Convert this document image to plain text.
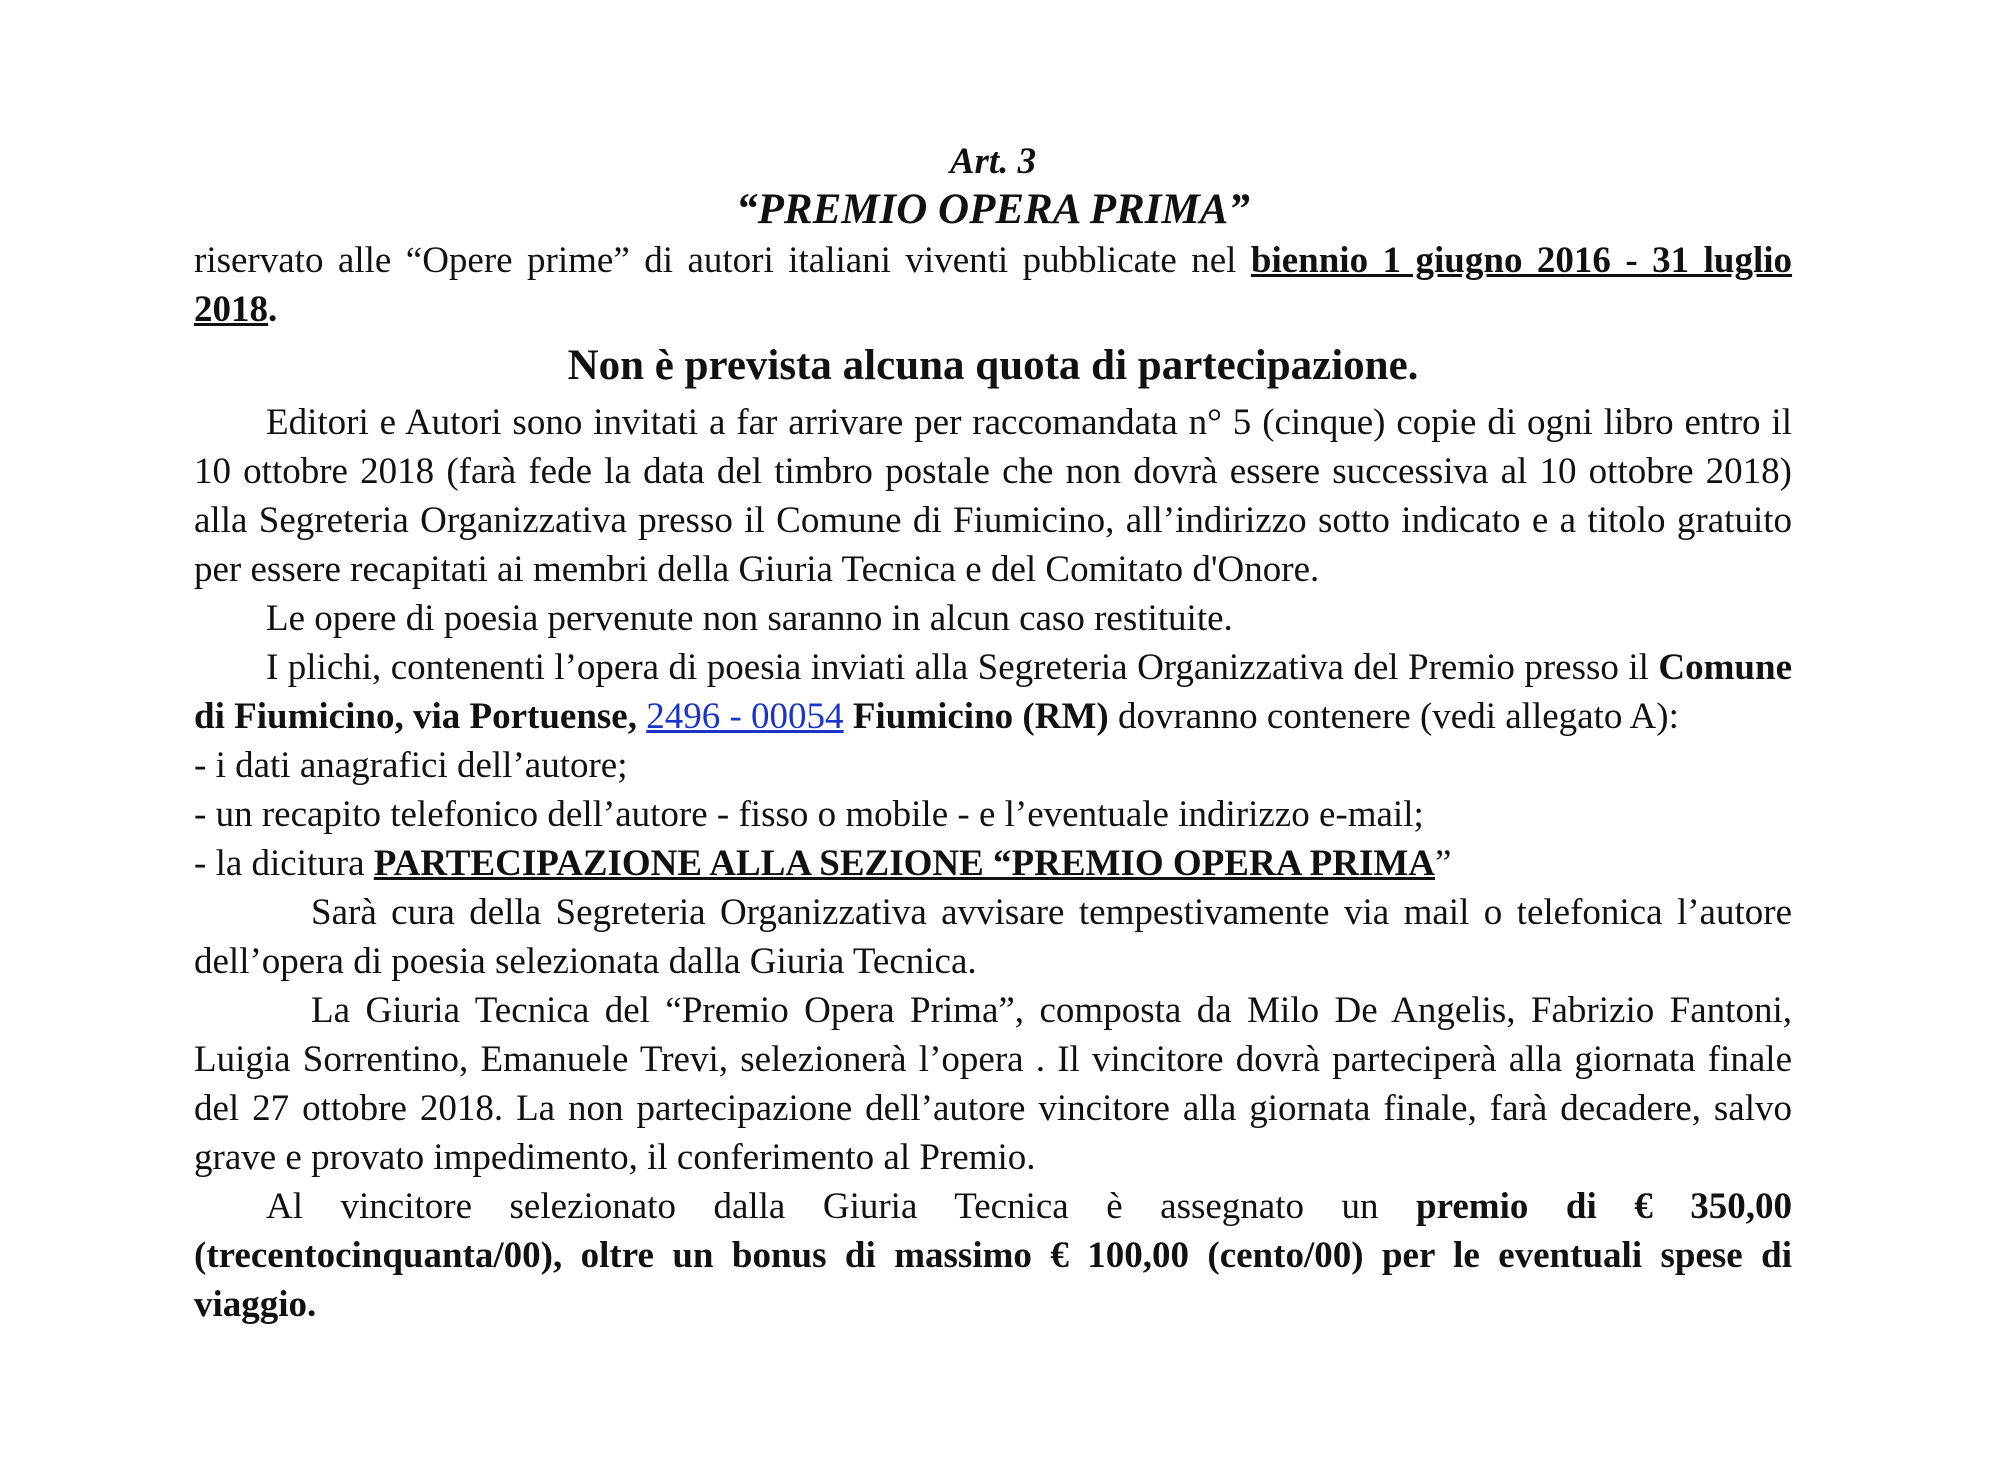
Art. 3

“PREMIO OPERA PRIMA”

riservato alle “Opere prime” di autori italiani viventi pubblicate nel biennio 1 giugno 2016 - 31 luglio 2018.

Non è prevista alcuna quota di partecipazione.

Editori e Autori sono invitati a far arrivare per raccomandata n° 5 (cinque) copie di ogni libro entro il 10 ottobre 2018 (farà fede la data del timbro postale che non dovrà essere successiva al 10 ottobre 2018) alla Segreteria Organizzativa presso il Comune di Fiumicino, all’indirizzo sotto indicato e a titolo gratuito per essere recapitati ai membri della Giuria Tecnica e del Comitato d'Onore.

Le opere di poesia pervenute non saranno in alcun caso restituite.

I plichi, contenenti l’opera di poesia inviati alla Segreteria Organizzativa del Premio presso il Comune di Fiumicino, via Portuense, 2496 - 00054 Fiumicino (RM) dovranno contenere (vedi allegato A):

- i dati anagrafici dell’autore;

- un recapito telefonico dell’autore - fisso o mobile - e l’eventuale indirizzo e-mail;

- la dicitura PARTECIPAZIONE ALLA SEZIONE “PREMIO OPERA PRIMA”

Sarà cura della Segreteria Organizzativa avvisare tempestivamente via mail o telefonica l’autore dell’opera di poesia selezionata dalla Giuria Tecnica.

La Giuria Tecnica del “Premio Opera Prima”, composta da Milo De Angelis, Fabrizio Fantoni, Luigia Sorrentino, Emanuele Trevi, selezionerà l’opera . Il vincitore dovrà parteciperà alla giornata finale del 27 ottobre 2018. La non partecipazione dell’autore vincitore alla giornata finale, farà decadere, salvo grave e provato impedimento, il conferimento al Premio.

Al vincitore selezionato dalla Giuria Tecnica è assegnato un premio di € 350,00 (trecentocinquanta/00), oltre un bonus di massimo € 100,00 (cento/00) per le eventuali spese di viaggio.
